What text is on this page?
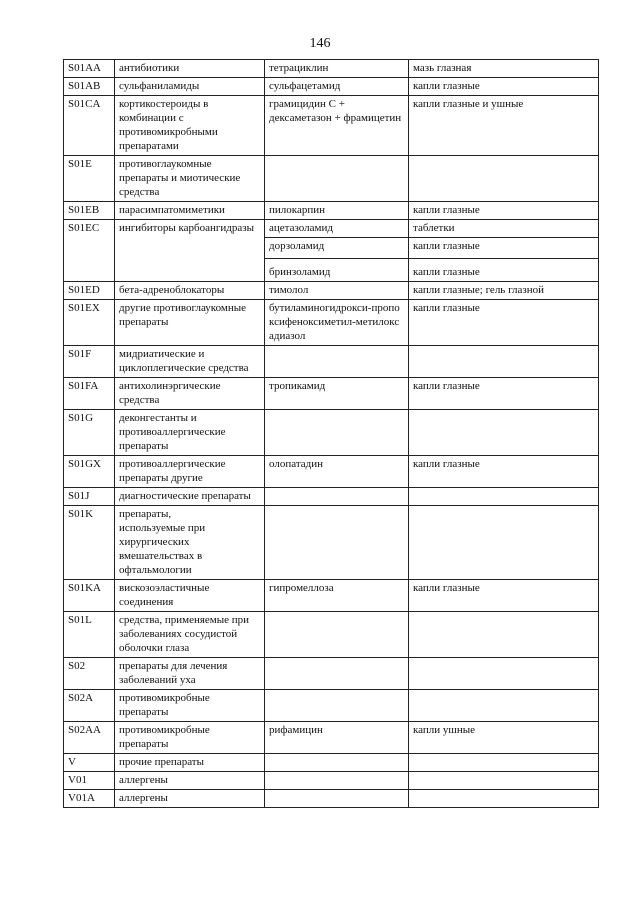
146
S01AA	антибиотики	тетрациклин	мазь глазная
S01AB	сульфаниламиды	сульфацетамид	капли глазные
S01CA	кортикостероиды в комбинации с противомикробными препаратами	грамицидин С + дексаметазон + фрамицетин	капли глазные и ушные
S01E	противоглаукомные препараты и миотические средства		
S01EB	парасимпатомиметики	пилокарпин	капли глазные
S01EC	ингибиторы карбоангидразы	ацетазоламид	таблетки
		дорзоламид	капли глазные
		бринзоламид	капли глазные
S01ED	бета-адреноблокаторы	тимолол	капли глазные; гель глазной
S01EX	другие противоглаукомные препараты	бутиламиногидрокси-пропоксифеноксиметил-метилоксадиазол	капли глазные
S01F	мидриатические и циклоплегические средства		
S01FA	антихолинэргические средства	тропикамид	капли глазные
S01G	деконгестанты и противоаллергические препараты		
S01GX	противоаллергические препараты другие	олопатадин	капли глазные
S01J	диагностические препараты		
S01K	препараты, используемые при хирургических вмешательствах в офтальмологии		
S01KA	вискозоэластичные соединения	гипромеллоза	капли глазные
S01L	средства, применяемые при заболеваниях сосудистой оболочки глаза		
S02	препараты для лечения заболеваний уха		
S02A	противомикробные препараты		
S02AA	противомикробные препараты	рифамицин	капли ушные
V	прочие препараты		
V01	аллергены		
V01A	аллергены		
